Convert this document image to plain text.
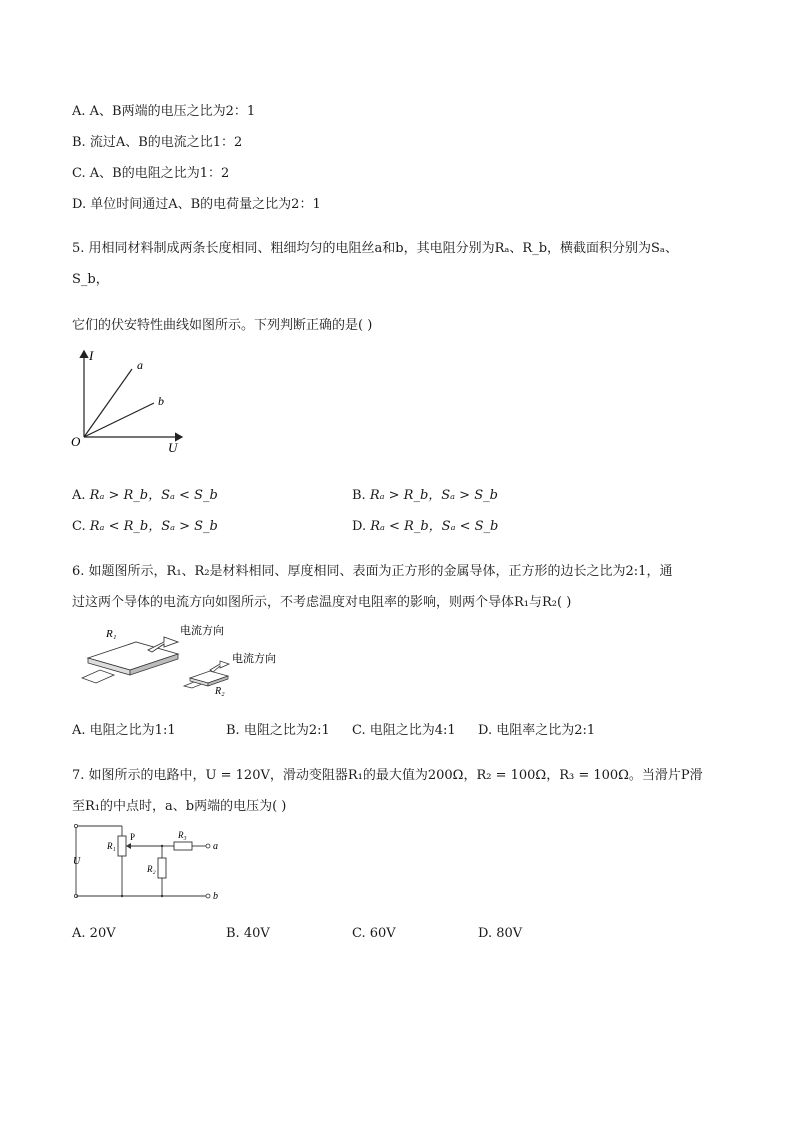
A. A、B两端的电压之比为2：1
B. 流过A、B的电流之比1：2
C. A、B的电阻之比为1：2
D. 单位时间通过A、B的电荷量之比为2：1
5. 用相同材料制成两条长度相同、粗细均匀的电阻丝a和b，其电阻分别为Rₐ、R_b，横截面积分别为Sₐ、
S_b，
它们的伏安特性曲线如图所示。下列判断正确的是( )
I
U
O
a
b
A. Rₐ > R_b，Sₐ < S_b	B. Rₐ > R_b，Sₐ > S_b
C. Rₐ < R_b，Sₐ > S_b	D. Rₐ < R_b，Sₐ < S_b
6. 如题图所示，R₁、R₂是材料相同、厚度相同、表面为正方形的金属导体，正方形的边长之比为2:1，通
过这两个导体的电流方向如图所示，不考虑温度对电阻率的影响，则两个导体R₁与R₂( )
R₁	电流方向
R₂
电流方向
A. 电阻之比为1:1	B. 电阻之比为2:1 C. 电阻之比为4:1 D. 电阻率之比为2:1
7. 如图所示的电路中，U = 120V，滑动变阻器R₁的最大值为200Ω，R₂ = 100Ω，R₃ = 100Ω。当滑片P滑
至R₁的中点时，a、b两端的电压为( )
U
R₁
P	R₃
a
R₂
b
A. 20V	B. 40V	C. 60V	D. 80V
